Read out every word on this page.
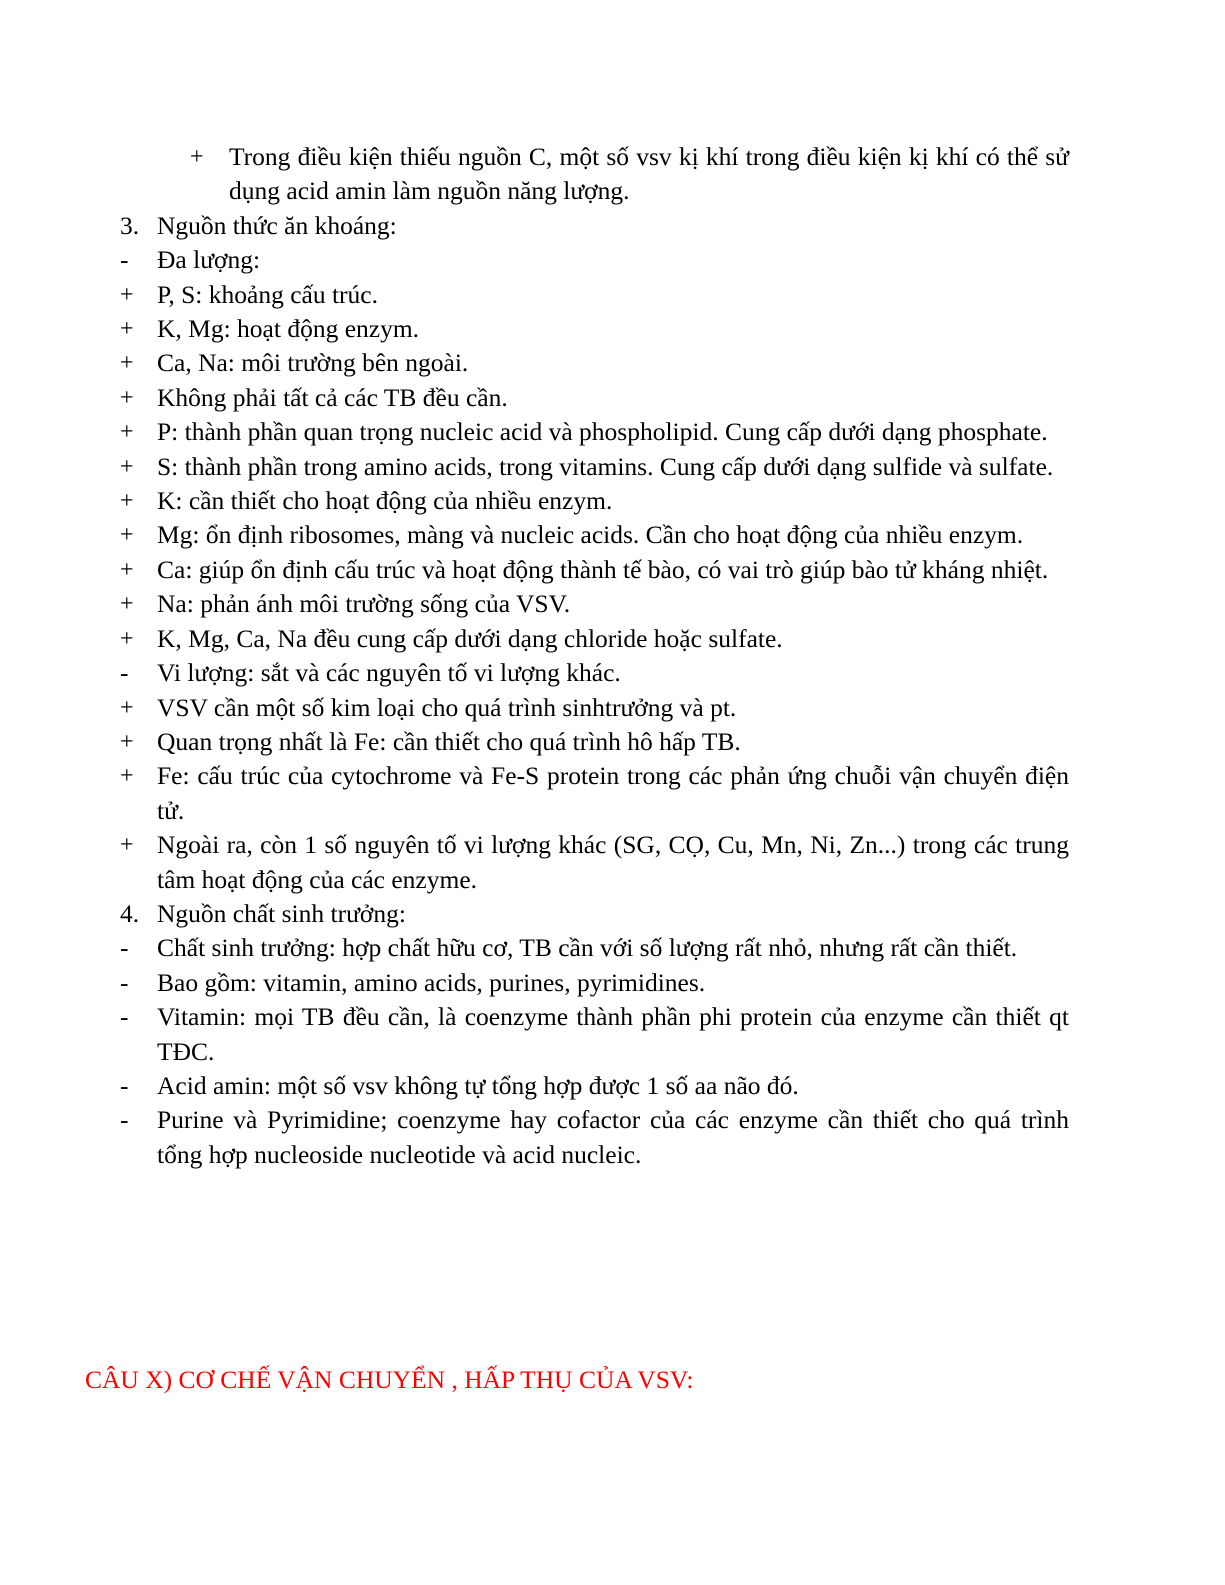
+ Trong điều kiện thiếu nguồn C, một số vsv kị khí trong điều kiện kị khí có thể sử dụng acid amin làm nguồn năng lượng.
3. Nguồn thức ăn khoáng:
- Đa lượng:
+ P, S: khoảng cấu trúc.
+ K, Mg: hoạt động enzym.
+ Ca, Na: môi trường bên ngoài.
+ Không phải tất cả các TB đều cần.
+ P: thành phần quan trọng nucleic acid và phospholipid. Cung cấp dưới dạng phosphate.
+ S: thành phần trong amino acids, trong vitamins. Cung cấp dưới dạng sulfide và sulfate.
+ K: cần thiết cho hoạt động của nhiều enzym.
+ Mg: ổn định ribosomes, màng và nucleic acids. Cần cho hoạt động của nhiều enzym.
+ Ca: giúp ổn định cấu trúc và hoạt động thành tế bào, có vai trò giúp bào tử kháng nhiệt.
+ Na: phản ánh môi trường sống của VSV.
+ K, Mg, Ca, Na đều cung cấp dưới dạng chloride hoặc sulfate.
- Vi lượng: sắt và các nguyên tố vi lượng khác.
+ VSV cần một số kim loại cho quá trình sinhtrưởng và pt.
+ Quan trọng nhất là Fe: cần thiết cho quá trình hô hấp TB.
+ Fe: cấu trúc của cytochrome và Fe-S protein trong các phản ứng chuỗi vận chuyển điện tử.
+ Ngoài ra, còn 1 số nguyên tố vi lượng khác (SG, CỌ, Cu, Mn, Ni, Zn...) trong các trung tâm hoạt động của các enzyme.
4. Nguồn chất sinh trưởng:
- Chất sinh trưởng: hợp chất hữu cơ, TB cần với số lượng rất nhỏ, nhưng rất cần thiết.
- Bao gồm: vitamin, amino acids, purines, pyrimidines.
- Vitamin: mọi TB đều cần, là coenzyme thành phần phi protein của enzyme cần thiết qt TĐC.
- Acid amin: một số vsv không tự tổng hợp được 1 số aa não đó.
- Purine và Pyrimidine; coenzyme hay cofactor của các enzyme cần thiết cho quá trình tổng hợp nucleoside nucleotide và acid nucleic.
CÂU X) CƠ CHẾ VẬN CHUYỂN , HẤP THỤ CỦA VSV:
